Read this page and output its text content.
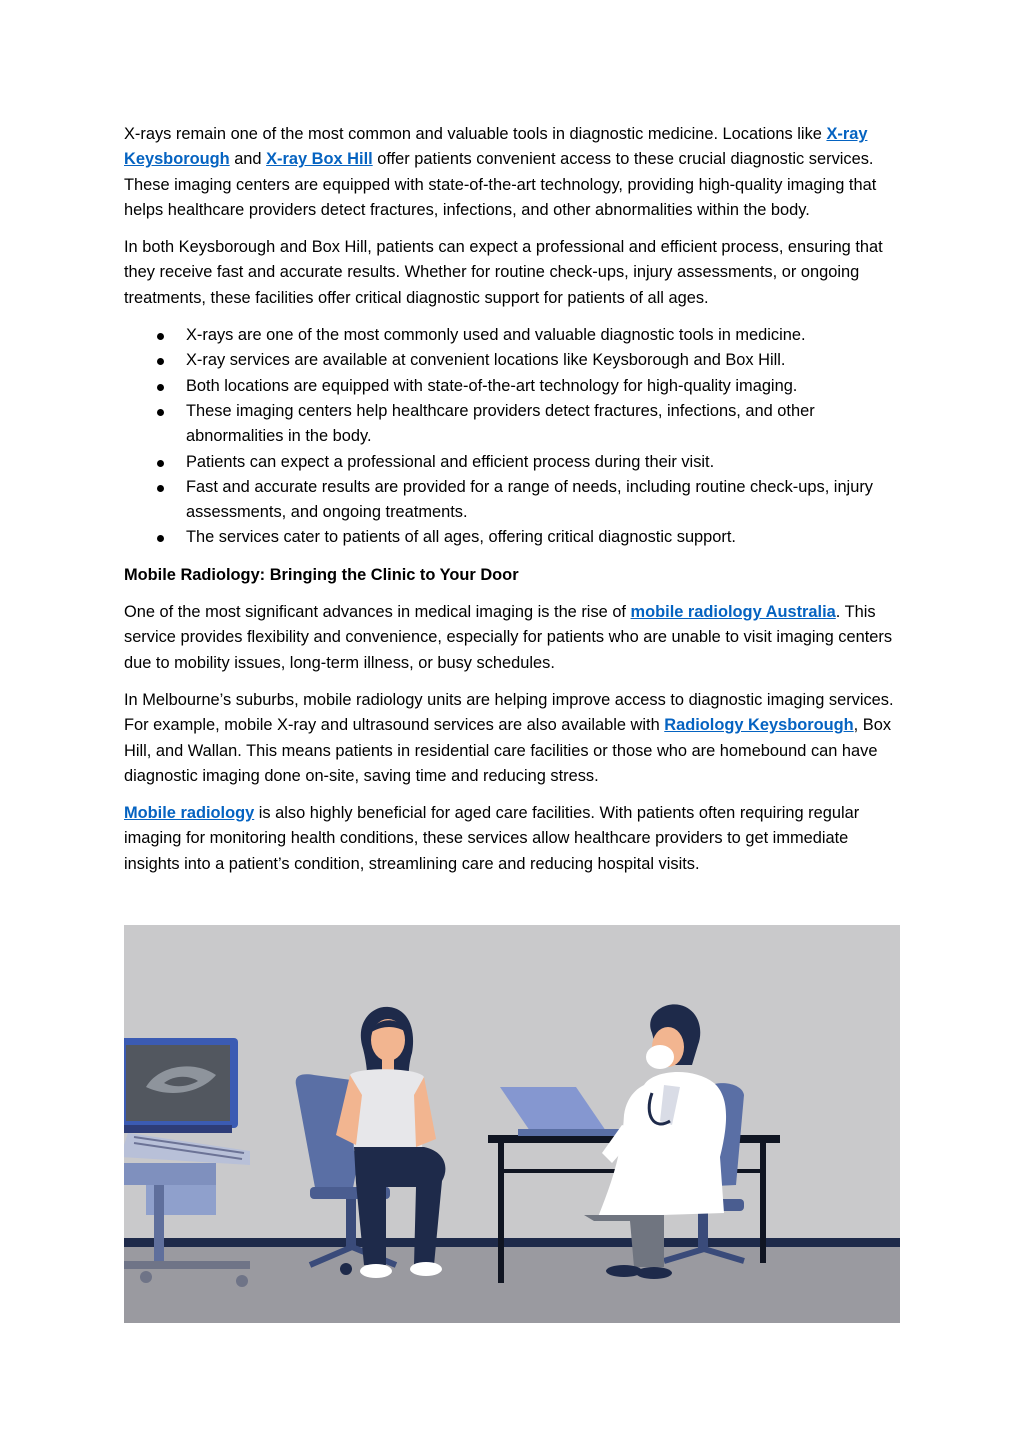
X-rays remain one of the most common and valuable tools in diagnostic medicine. Locations like X-ray Keysborough and X-ray Box Hill offer patients convenient access to these crucial diagnostic services. These imaging centers are equipped with state-of-the-art technology, providing high-quality imaging that helps healthcare providers detect fractures, infections, and other abnormalities within the body.

In both Keysborough and Box Hill, patients can expect a professional and efficient process, ensuring that they receive fast and accurate results. Whether for routine check-ups, injury assessments, or ongoing treatments, these facilities offer critical diagnostic support for patients of all ages.

X-rays are one of the most commonly used and valuable diagnostic tools in medicine.
X-ray services are available at convenient locations like Keysborough and Box Hill.
Both locations are equipped with state-of-the-art technology for high-quality imaging.
These imaging centers help healthcare providers detect fractures, infections, and other abnormalities in the body.
Patients can expect a professional and efficient process during their visit.
Fast and accurate results are provided for a range of needs, including routine check-ups, injury assessments, and ongoing treatments.
The services cater to patients of all ages, offering critical diagnostic support.

Mobile Radiology: Bringing the Clinic to Your Door

One of the most significant advances in medical imaging is the rise of mobile radiology Australia. This service provides flexibility and convenience, especially for patients who are unable to visit imaging centers due to mobility issues, long-term illness, or busy schedules.

In Melbourne’s suburbs, mobile radiology units are helping improve access to diagnostic imaging services. For example, mobile X-ray and ultrasound services are also available with Radiology Keysborough, Box Hill, and Wallan. This means patients in residential care facilities or those who are homebound can have diagnostic imaging done on-site, saving time and reducing stress.

Mobile radiology is also highly beneficial for aged care facilities. With patients often requiring regular imaging for monitoring health conditions, these services allow healthcare providers to get immediate insights into a patient’s condition, streamlining care and reducing hospital visits.
